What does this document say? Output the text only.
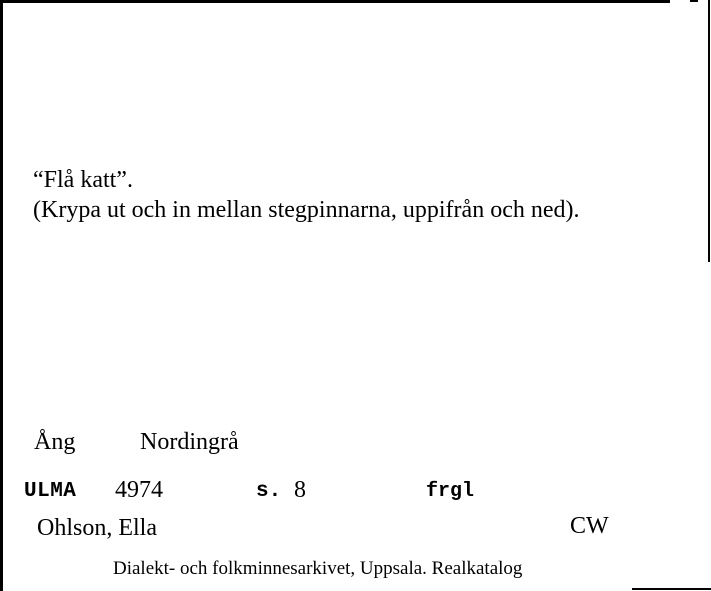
“Flå katt”.
(Krypa ut och in mellan stegpinnarna, uppifrån och ned).
Ång	Nordingrå
ULMA 4974	s. 8	frgl
Ohlson, Ella	CW
Dialekt- och folkminnesarkivet, Uppsala. Realkatalog
